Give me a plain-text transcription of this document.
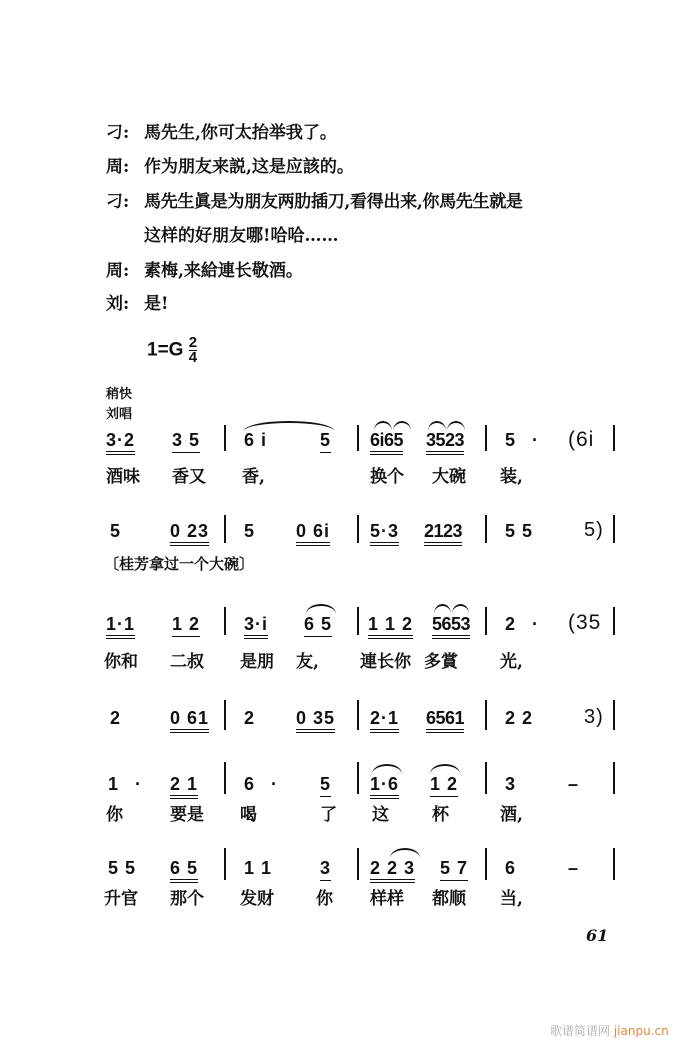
刁: 馬先生,你可太抬举我了。
周: 作为朋友来説,这是应該的。
刁: 馬先生眞是为朋友两肋插刀,看得出来,你馬先生就是
这样的好朋友哪!哈哈……
周: 素梅,来給連长敬酒。
刘: 是!
$1=G \frac{2}{4}$
稍快
刘唱
3·2 3 5 6 i	5 6i65 3523 5 · (6i
酒味 香又 香,	换个 大碗 装,
5	0 23 5 0 6i 5·3 2123 5 5	5)
〔桂芳拿过一个大碗〕
1·1 1 2 3·i 6 5 1 1 2 5653 2 · (35
你和 二叔 是朋 友, 連长你 多賞 光,
2	0 61 2 0 35 2·1 6561 2 2	3)
1 · 2 1	6 · 5 1·6 1 2	3	–
你	要是 喝	了 这	杯	酒,
5 5 6 5	1 1	3 2 2 3 5 7 6	–
升官 那个 发财 你 样样 都顺 当,
61
歌谱简谱网 jianpu.cn
